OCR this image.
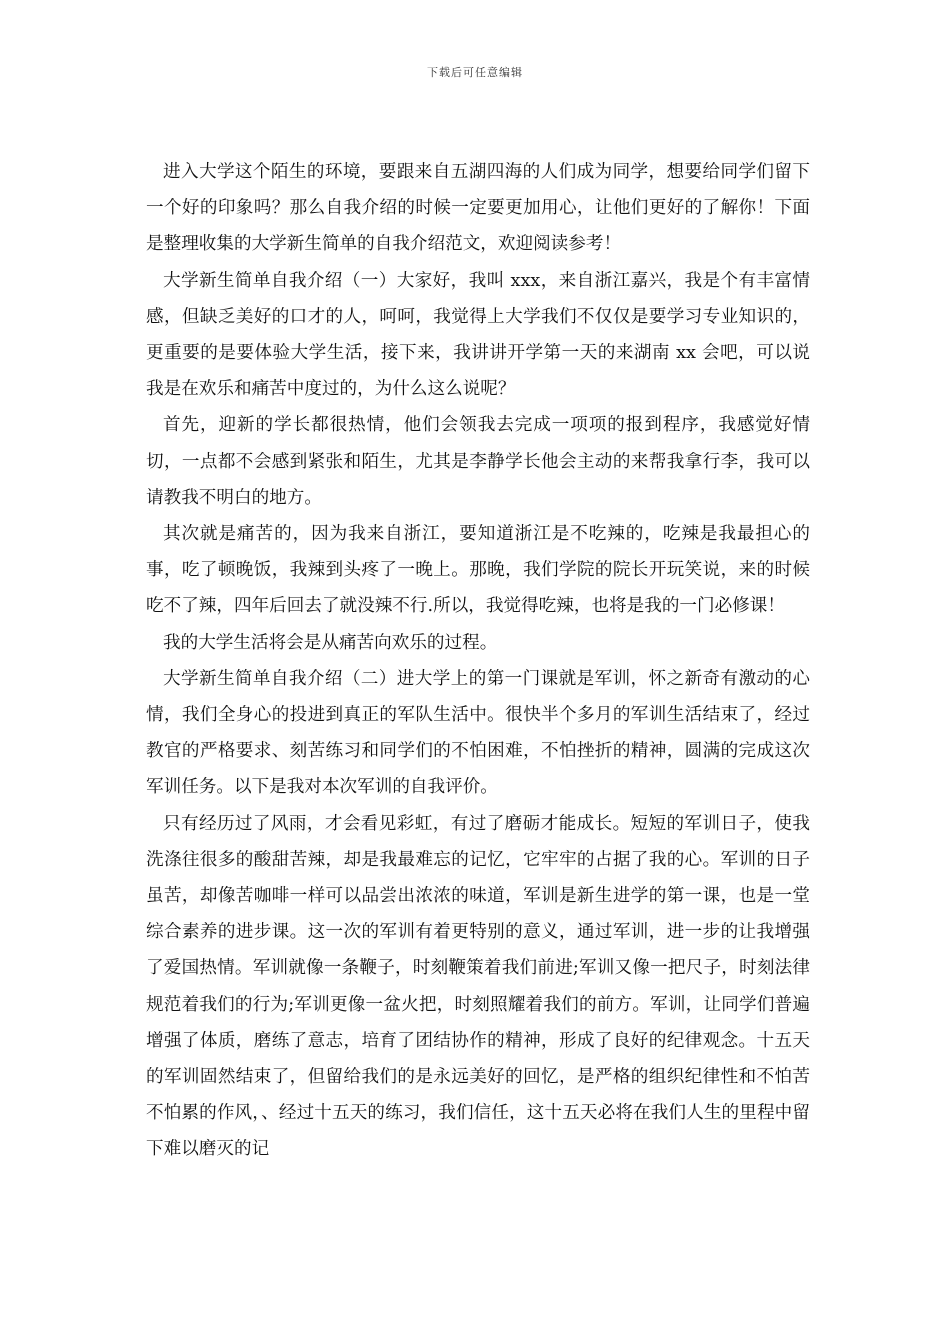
下载后可任意编辑

进入大学这个陌生的环境，要跟来自五湖四海的人们成为同学，想要给同学们留下一个好的印象吗？那么自我介绍的时候一定要更加用心，让他们更好的了解你！下面是整理收集的大学新生简单的自我介绍范文，欢迎阅读参考！

大学新生简单自我介绍（一）大家好，我叫 xxx，来自浙江嘉兴，我是个有丰富情感，但缺乏美好的口才的人，呵呵，我觉得上大学我们不仅仅是要学习专业知识的，更重要的是要体验大学生活，接下来，我讲讲开学第一天的来湖南 xx 会吧，可以说我是在欢乐和痛苦中度过的，为什么这么说呢？

首先，迎新的学长都很热情，他们会领我去完成一项项的报到程序，我感觉好情切，一点都不会感到紧张和陌生，尤其是李静学长他会主动的来帮我拿行李，我可以请教我不明白的地方。

其次就是痛苦的，因为我来自浙江，要知道浙江是不吃辣的，吃辣是我最担心的事，吃了顿晚饭，我辣到头疼了一晚上。那晚，我们学院的院长开玩笑说，来的时候吃不了辣，四年后回去了就没辣不行.所以，我觉得吃辣，也将是我的一门必修课！

我的大学生活将会是从痛苦向欢乐的过程。

大学新生简单自我介绍（二）进大学上的第一门课就是军训，怀之新奇有激动的心情，我们全身心的投进到真正的军队生活中。很快半个多月的军训生活结束了，经过教官的严格要求、刻苦练习和同学们的不怕困难，不怕挫折的精神，圆满的完成这次军训任务。以下是我对本次军训的自我评价。

只有经历过了风雨，才会看见彩虹，有过了磨砺才能成长。短短的军训日子，使我洗涤往很多的酸甜苦辣，却是我最难忘的记忆，它牢牢的占据了我的心。军训的日子虽苦，却像苦咖啡一样可以品尝出浓浓的味道，军训是新生进学的第一课，也是一堂综合素养的进步课。这一次的军训有着更特别的意义，通过军训，进一步的让我增强了爱国热情。军训就像一条鞭子，时刻鞭策着我们前进;军训又像一把尺子，时刻法律规范着我们的行为;军训更像一盆火把，时刻照耀着我们的前方。军训，让同学们普遍增强了体质，磨练了意志，培育了团结协作的精神，形成了良好的纪律观念。十五天的军训固然结束了，但留给我们的是永远美好的回忆，是严格的组织纪律性和不怕苦不怕累的作风，、经过十五天的练习，我们信任，这十五天必将在我们人生的里程中留下难以磨灭的记
